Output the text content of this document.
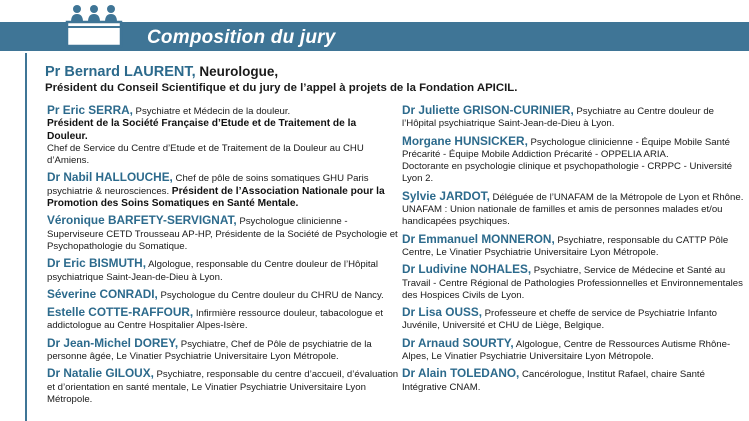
Composition du jury
Pr Bernard LAURENT, Neurologue,
Président du Conseil Scientifique et du jury de l’appel à projets de la Fondation APICIL.
Pr Eric SERRA, Psychiatre et Médecin de la douleur.
Président de la Société Française d’Etude et de Traitement de la Douleur.
Chef de Service du Centre d’Etude et de Traitement de la Douleur au CHU d’Amiens.
Dr Nabil HALLOUCHE, Chef de pôle de soins somatiques GHU Paris psychiatrie & neurosciences. Président de l’Association Nationale pour la Promotion des Soins Somatiques en Santé Mentale.
Véronique BARFETY-SERVIGNAT, Psychologue clinicienne - Superviseure CETD Trousseau AP-HP, Présidente de la Société de Psychologie et Psychopathologie du Somatique.
Dr Eric BISMUTH, Algologue, responsable du Centre douleur de l’Hôpital psychiatrique Saint-Jean-de-Dieu à Lyon.
Séverine CONRADI, Psychologue du Centre douleur du CHRU de Nancy.
Estelle COTTE-RAFFOUR, Infirmière ressource douleur, tabacologue et addictologue au Centre Hospitalier Alpes-Isère.
Dr Jean-Michel DOREY, Psychiatre, Chef de Pôle de psychiatrie de la personne âgée, Le Vinatier Psychiatrie Universitaire Lyon Métropole.
Dr Natalie GILOUX, Psychiatre, responsable du centre d’accueil, d’évaluation et d’orientation en santé mentale, Le Vinatier Psychiatrie Universitaire Lyon Métropole.
Dr Juliette GRISON-CURINIER, Psychiatre au Centre douleur de l’Hôpital psychiatrique Saint-Jean-de-Dieu à Lyon.
Morgane HUNSICKER, Psychologue clinicienne - Équipe Mobile Santé Précarité - Équipe Mobile Addiction Précarité - OPPELIA ARIA.
Doctorante en psychologie clinique et psychopathologie - CRPPC - Université Lyon 2.
Sylvie JARDOT, Déléguée de l’UNAFAM de la Métropole de Lyon et Rhône.
UNAFAM : Union nationale de familles et amis de personnes malades et/ou handicapées psychiques.
Dr Emmanuel MONNERON, Psychiatre, responsable du CATTP Pôle Centre, Le Vinatier Psychiatrie Universitaire Lyon Métropole.
Dr Ludivine NOHALES, Psychiatre, Service de Médecine et Santé au Travail - Centre Régional de Pathologies Professionnelles et Environnementales des Hospices Civils de Lyon.
Dr Lisa OUSS, Professeure et cheffe de service de Psychiatrie Infanto Juvénile, Université et CHU de Liège, Belgique.
Dr Arnaud SOURTY, Algologue, Centre de Ressources Autisme Rhône-Alpes, Le Vinatier Psychiatrie Universitaire Lyon Métropole.
Dr Alain TOLEDANO, Cancérologue, Institut Rafael, chaire Santé Intégrative CNAM.
